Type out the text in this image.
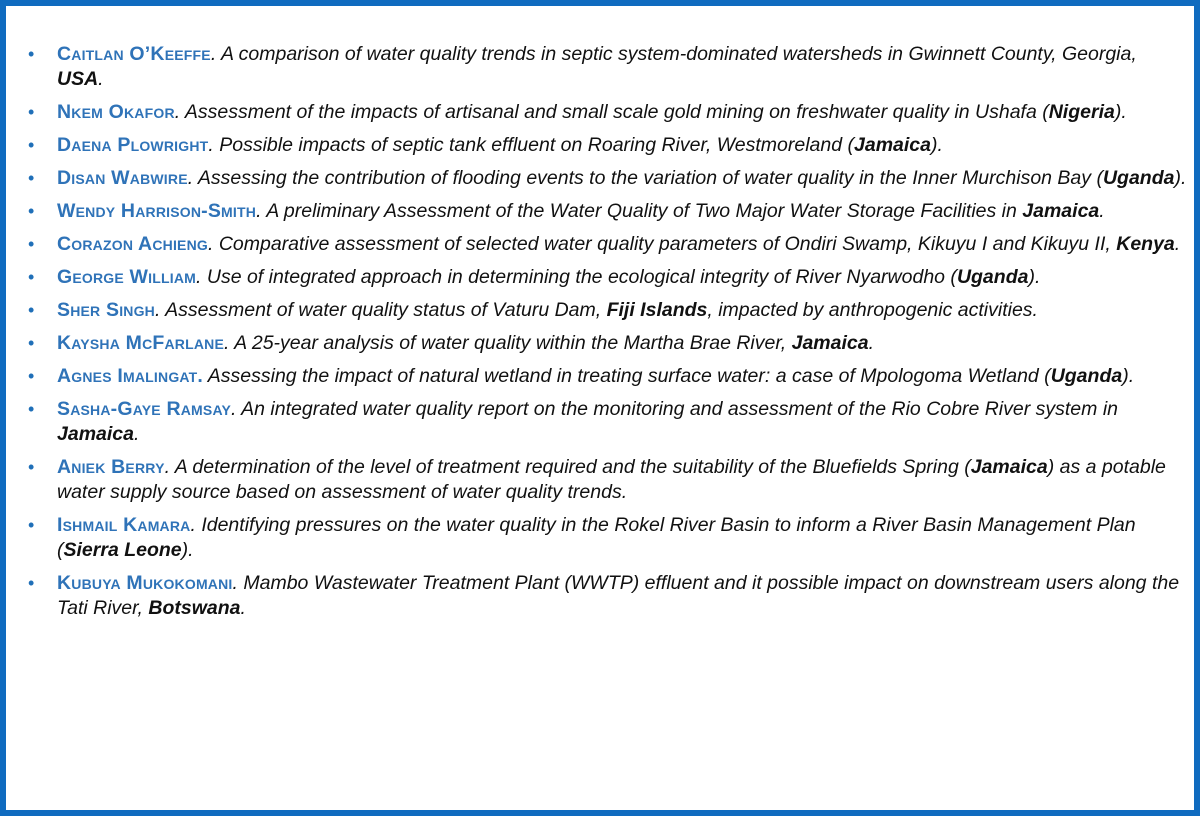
• Caitlan O’Keeffe. A comparison of water quality trends in septic system-dominated watersheds in Gwinnett County, Georgia, USA.
• Nkem Okafor. Assessment of the impacts of artisanal and small scale gold mining on freshwater quality in Ushafa (Nigeria).
• Daena Plowright. Possible impacts of septic tank effluent on Roaring River, Westmoreland (Jamaica).
• Disan Wabwire. Assessing the contribution of flooding events to the variation of water quality in the Inner Murchison Bay (Uganda).
• Wendy Harrison-Smith. A preliminary Assessment of the Water Quality of Two Major Water Storage Facilities in Jamaica.
• Corazon Achieng. Comparative assessment of selected water quality parameters of Ondiri Swamp, Kikuyu I and Kikuyu II, Kenya.
• George William. Use of integrated approach in determining the ecological integrity of River Nyarwodho (Uganda).
• Sher Singh. Assessment of water quality status of Vaturu Dam, Fiji Islands, impacted by anthropogenic activities.
• Kaysha McFarlane. A 25-year analysis of water quality within the Martha Brae River, Jamaica.
• Agnes Imalingat. Assessing the impact of natural wetland in treating surface water: a case of Mpologoma Wetland (Uganda).
• Sasha-Gaye Ramsay. An integrated water quality report on the monitoring and assessment of the Rio Cobre River system in Jamaica.
• Aniek Berry. A determination of the level of treatment required and the suitability of the Bluefields Spring (Jamaica) as a potable water supply source based on assessment of water quality trends.
• Ishmail Kamara. Identifying pressures on the water quality in the Rokel River Basin to inform a River Basin Management Plan (Sierra Leone).
• Kubuya Mukokomani. Mambo Wastewater Treatment Plant (WWTP) effluent and it possible impact on downstream users along the Tati River, Botswana.
